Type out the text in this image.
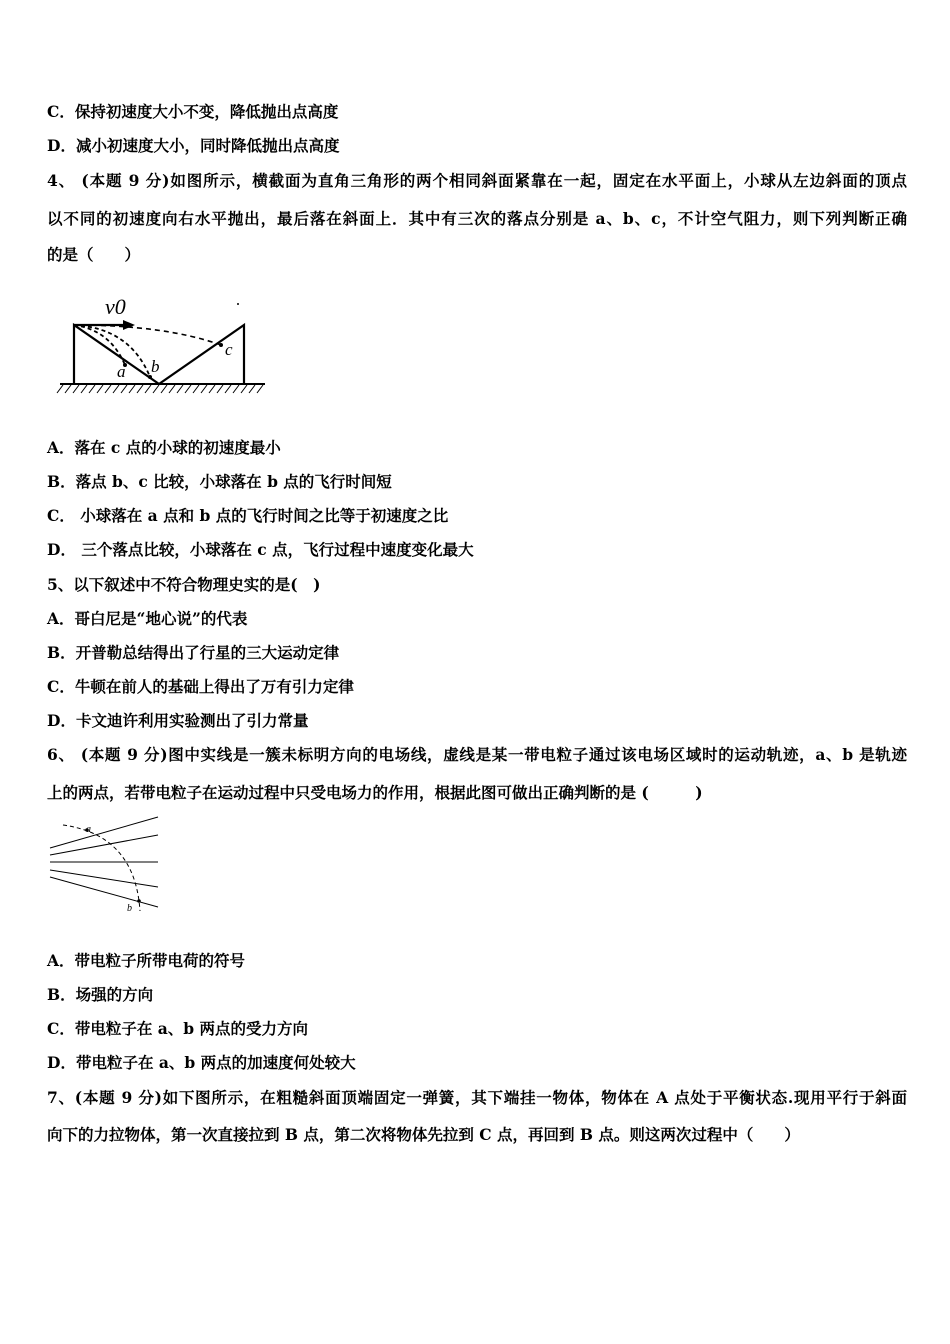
C．保持初速度大小不变，降低抛出点高度
D．减小初速度大小，同时降低抛出点高度
4、 (本题 9 分)如图所示，横截面为直角三角形的两个相同斜面紧靠在一起，固定在水平面上，小球从左边斜面的顶点
以不同的初速度向右水平抛出，最后落在斜面上．其中有三次的落点分别是 a、b、c，不计空气阻力，则下列判断正确
的是（　　）
v0
a b
c
A．落在 c 点的小球的初速度最小
B．落点 b、c 比较，小球落在 b 点的飞行时间短
C． 小球落在 a 点和 b 点的飞行时间之比等于初速度之比
D． 三个落点比较，小球落在 c 点，飞行过程中速度变化最大
5、以下叙述中不符合物理史实的是(　)
A．哥白尼是“地心说”的代表
B．开普勒总结得出了行星的三大运动定律
C．牛顿在前人的基础上得出了万有引力定律
D．卡文迪许利用实验测出了引力常量
6、 (本题 9 分)图中实线是一簇未标明方向的电场线，虚线是某一带电粒子通过该电场区域时的运动轨迹，a、b 是轨迹
上的两点，若带电粒子在运动过程中只受电场力的作用，根据此图可做出正确判断的是 (　　　)
a
b
A．带电粒子所带电荷的符号
B．场强的方向
C．带电粒子在 a、b 两点的受力方向
D．带电粒子在 a、b 两点的加速度何处较大
7、(本题 9 分)如下图所示，在粗糙斜面顶端固定一弹簧，其下端挂一物体，物体在 A 点处于平衡状态.现用平行于斜面
向下的力拉物体，第一次直接拉到 B 点，第二次将物体先拉到 C 点，再回到 B 点。则这两次过程中（　　）
